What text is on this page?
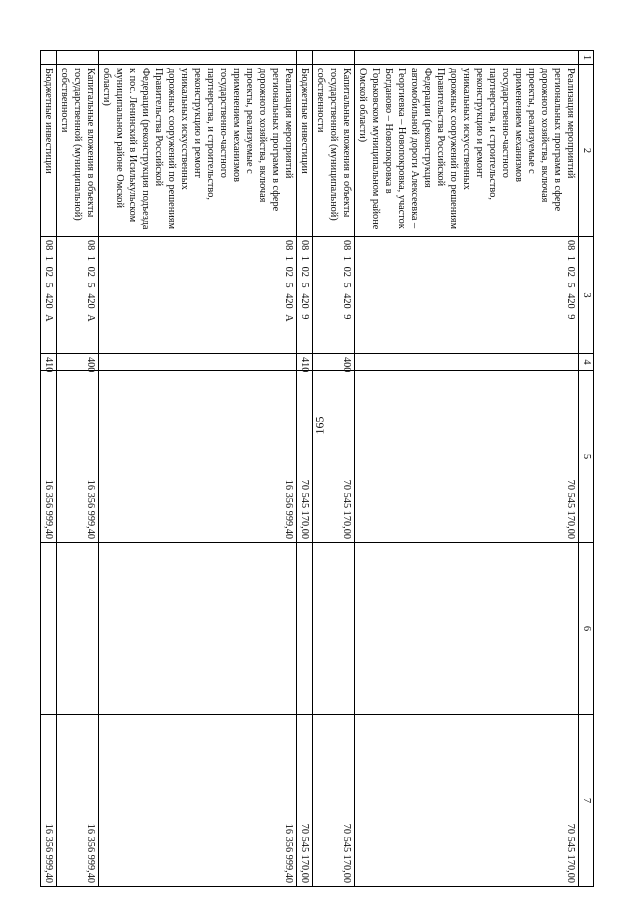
165
1	2	3	4	5	6	7
	Реализация мероприятий региональных программ в сфере дорожного хозяйства, включая проекты, реализуемые с применением механизмов государственно-частного партнерства, и строительство, реконструкцию и ремонт уникальных искусственных дорожных сооружений по решениям Правительства Российской Федерации (реконструкция автомобильной дороги Алексеевка – Георгиевка – Новопокровка, участок Богданово – Новопокровка в Горьковском муниципальном районе Омской области)	08 1 02 5 420 9		70 545 170,00		70 545 170,00
	Капитальные вложения в объекты государственной (муниципальной) собственности	08 1 02 5 420 9	400	70 545 170,00		70 545 170,00
	Бюджетные инвестиции	08 1 02 5 420 9	410	70 545 170,00		70 545 170,00
	Реализация мероприятий региональных программ в сфере дорожного хозяйства, включая проекты, реализуемые с применением механизмов государственно-частного партнерства, и строительство, реконструкцию и ремонт уникальных искусственных дорожных сооружений по решениям Правительства Российской Федерации (реконструкция подъезда к пос. Ленинский в Исилькульском муниципальном районе Омской области)	08 1 02 5 420 А		16 356 999,40		16 356 999,40
	Капитальные вложения в объекты государственной (муниципальной) собственности	08 1 02 5 420 А	400	16 356 999,40		16 356 999,40
	Бюджетные инвестиции	08 1 02 5 420 А	410	16 356 999,40		16 356 999,40
